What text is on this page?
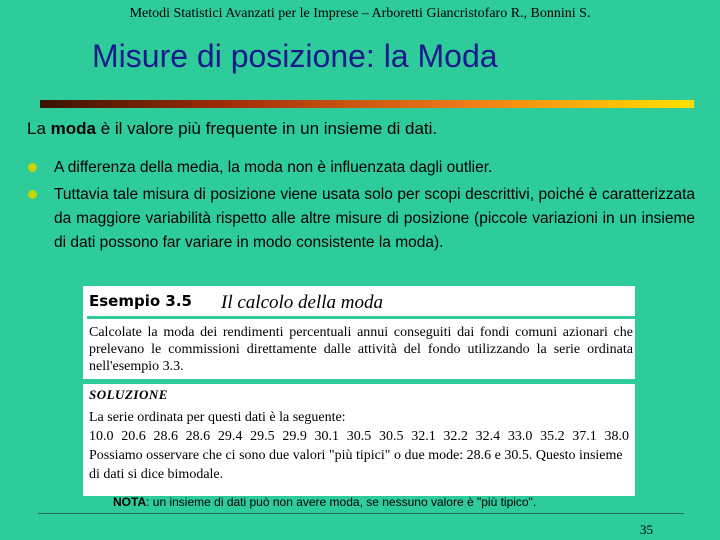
Metodi Statistici Avanzati per le Imprese – Arboretti Giancristofaro R., Bonnini S.
Misure di posizione: la Moda
La moda è il valore più frequente in un insieme di dati.
A differenza della media, la moda non è influenzata dagli outlier.
Tuttavia tale misura di posizione viene usata solo per scopi descrittivi, poiché è caratterizzata da maggiore variabilità rispetto alle altre misure di posizione (piccole variazioni in un insieme di dati possono far variare in modo consistente la moda).
Esempio 3.5 Il calcolo della moda
Calcolate la moda dei rendimenti percentuali annui conseguiti dai fondi comuni azionari che prelevano le commissioni direttamente dalle attività del fondo utilizzando la serie ordinata nell'esempio 3.3.
SOLUZIONE
La serie ordinata per questi dati è la seguente:
10.0 20.6 28.6 28.6 29.4 29.5 29.9 30.1 30.5 30.5 32.1 32.2 32.4 33.0 35.2 37.1 38.0
Possiamo osservare che ci sono due valori "più tipici" o due mode: 28.6 e 30.5. Questo insieme di dati si dice bimodale.
NOTA: un insieme di dati può non avere moda, se nessuno valore è "più tipico".
35
